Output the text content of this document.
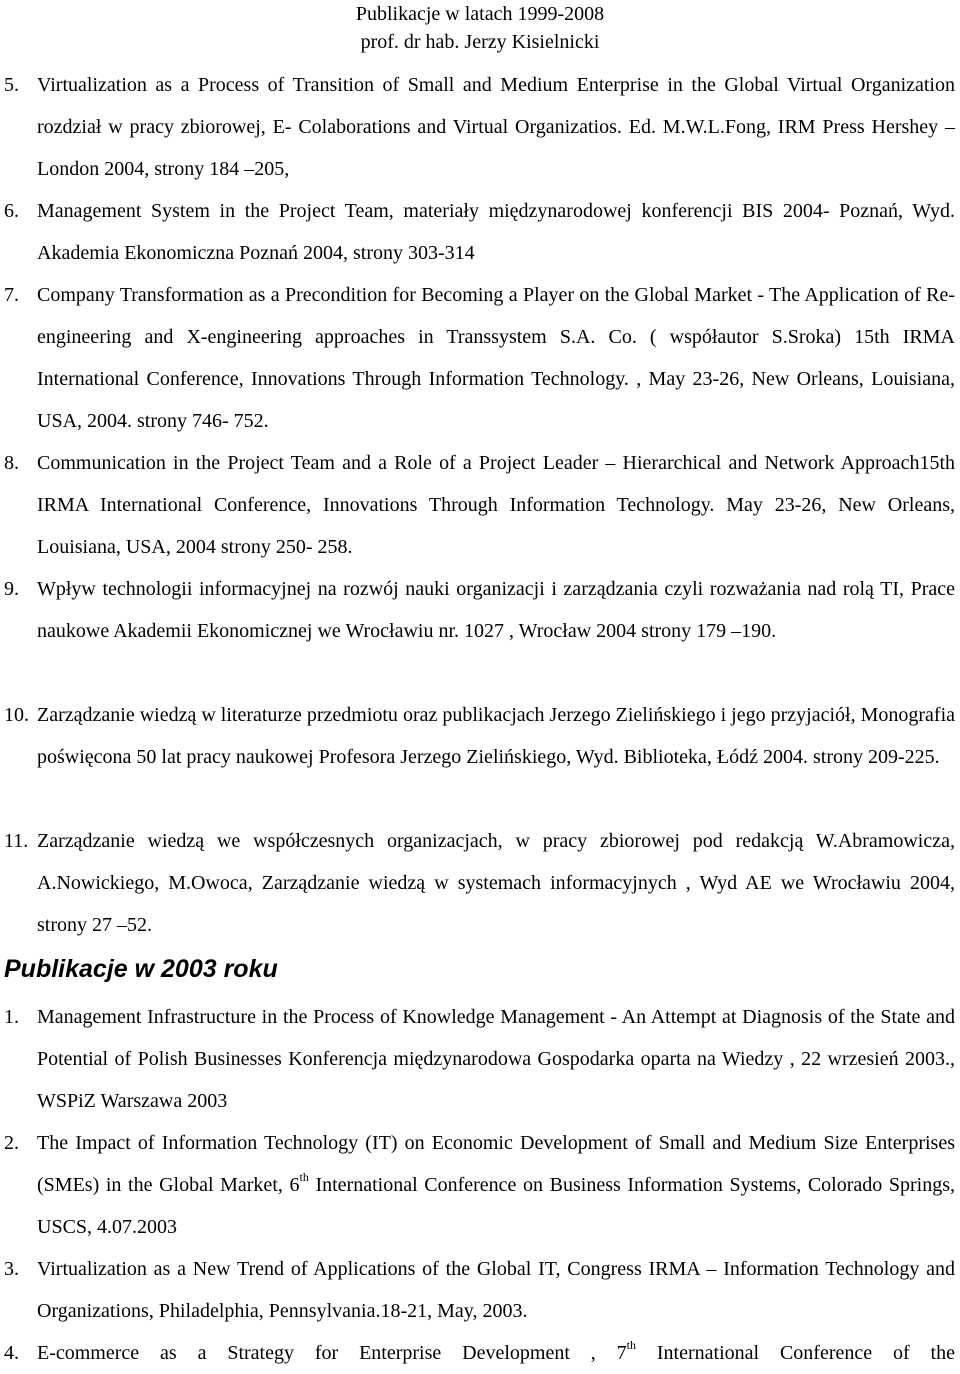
Publikacje w latach 1999-2008
prof. dr hab. Jerzy Kisielnicki
5. Virtualization as a Process of Transition of Small and Medium Enterprise in the Global Virtual Organization rozdział w pracy zbiorowej, E- Colaborations and Virtual Organizatios. Ed. M.W.L.Fong, IRM Press Hershey – London 2004, strony 184 –205,
6. Management System in the Project Team, materiały międzynarodowej konferencji BIS 2004- Poznań, Wyd. Akademia Ekonomiczna Poznań 2004, strony 303-314
7. Company Transformation as a Precondition for Becoming a Player on the Global Market - The Application of Re-engineering and X-engineering approaches in Transsystem S.A. Co. ( współautor S.Sroka) 15th IRMA International Conference, Innovations Through Information Technology. , May 23-26, New Orleans, Louisiana, USA, 2004. strony 746- 752.
8. Communication in the Project Team and a Role of a Project Leader – Hierarchical and Network Approach15th IRMA International Conference, Innovations Through Information Technology. May 23-26, New Orleans, Louisiana, USA, 2004 strony 250- 258.
9. Wpływ technologii informacyjnej na rozwój nauki organizacji i zarządzania czyli rozważania nad rolą TI, Prace naukowe Akademii Ekonomicznej we Wrocławiu nr. 1027 , Wrocław 2004 strony 179 –190.
10. Zarządzanie wiedzą w literaturze przedmiotu oraz publikacjach Jerzego Zielińskiego i jego przyjaciół, Monografia poświęcona 50 lat pracy naukowej Profesora Jerzego Zielińskiego, Wyd. Biblioteka, Łódź 2004. strony 209-225.
11. Zarządzanie wiedzą we współczesnych organizacjach, w pracy zbiorowej pod redakcją W.Abramowicza, A.Nowickiego, M.Owoca, Zarządzanie wiedzą w systemach informacyjnych , Wyd AE we Wrocławiu 2004, strony 27 –52.
Publikacje w 2003 roku
1. Management Infrastructure in the Process of Knowledge Management - An Attempt at Diagnosis of the State and Potential of Polish Businesses Konferencja międzynarodowa Gospodarka oparta na Wiedzy , 22 wrzesień 2003., WSPiZ Warszawa 2003
2. The Impact of Information Technology (IT) on Economic Development of Small and Medium Size Enterprises (SMEs) in the Global Market, 6th International Conference on Business Information Systems, Colorado Springs, USCS, 4.07.2003
3. Virtualization as a New Trend of Applications of the Global IT, Congress IRMA – Information Technology and Organizations, Philadelphia, Pennsylvania.18-21, May, 2003.
4. E-commerce as a Strategy for Enterprise Development , 7th International Conference of the
